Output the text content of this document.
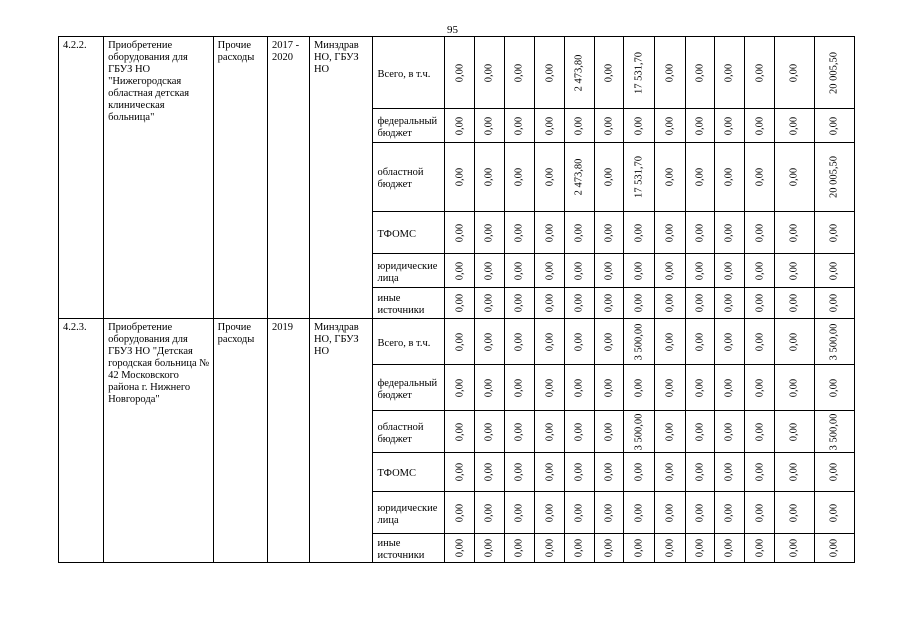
95
4.2.2.	Приобретение оборудования для ГБУЗ НО "Нижегородская областная детская клиническая больница"	Прочие расходы	2017 - 2020	Минздрав НО, ГБУЗ НО	Всего, в т.ч.	0,00	0,00	0,00	0,00	2 473,80	0,00	17 531,70	0,00	0,00	0,00	0,00	0,00	20 005,50

					федеральный бюджет	0,00	0,00	0,00	0,00	0,00	0,00	0,00	0,00	0,00	0,00	0,00	0,00	0,00

					областной бюджет	0,00	0,00	0,00	0,00	2 473,80	0,00	17 531,70	0,00	0,00	0,00	0,00	0,00	20 005,50

					ТФОМС	0,00	0,00	0,00	0,00	0,00	0,00	0,00	0,00	0,00	0,00	0,00	0,00	0,00

					юридические лица	0,00	0,00	0,00	0,00	0,00	0,00	0,00	0,00	0,00	0,00	0,00	0,00	0,00

					иные источники	0,00	0,00	0,00	0,00	0,00	0,00	0,00	0,00	0,00	0,00	0,00	0,00	0,00

4.2.3.	Приобретение оборудования для ГБУЗ НО "Детская городская больница № 42 Московского района г. Нижнего Новгорода"	Прочие расходы	2019	Минздрав НО, ГБУЗ НО	Всего, в т.ч.	0,00	0,00	0,00	0,00	0,00	0,00	3 500,00	0,00	0,00	0,00	0,00	0,00	3 500,00

					федеральный бюджет	0,00	0,00	0,00	0,00	0,00	0,00	0,00	0,00	0,00	0,00	0,00	0,00	0,00

					областной бюджет	0,00	0,00	0,00	0,00	0,00	0,00	3 500,00	0,00	0,00	0,00	0,00	0,00	3 500,00

					ТФОМС	0,00	0,00	0,00	0,00	0,00	0,00	0,00	0,00	0,00	0,00	0,00	0,00	0,00

					юридические лица	0,00	0,00	0,00	0,00	0,00	0,00	0,00	0,00	0,00	0,00	0,00	0,00	0,00

					иные источники	0,00	0,00	0,00	0,00	0,00	0,00	0,00	0,00	0,00	0,00	0,00	0,00	0,00
